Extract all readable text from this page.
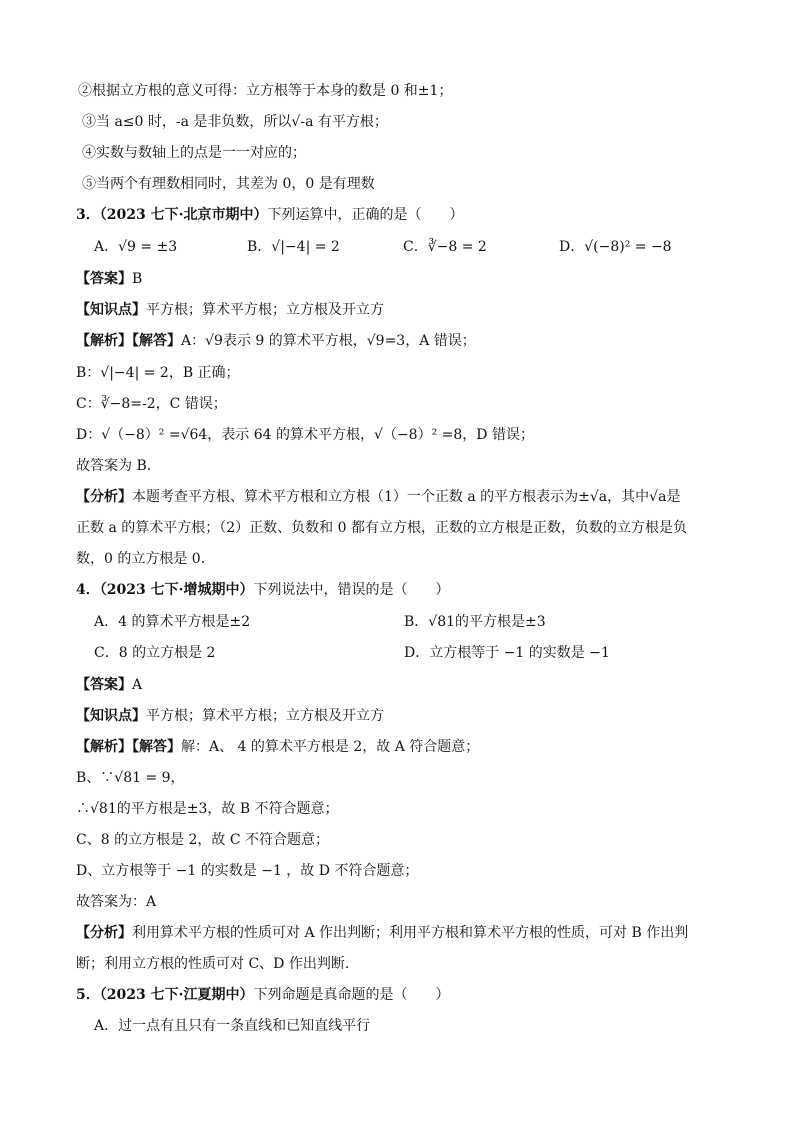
②根据立方根的意义可得：立方根等于本身的数是 0 和±1；
③当 a≤0 时，-a 是非负数，所以√-a 有平方根；
④实数与数轴上的点是一一对应的；
⑤当两个有理数相同时，其差为 0，0 是有理数
3．（2023 七下·北京市期中）下列运算中，正确的是（　　）
A．√9 = ±3	B．√|−4| = 2	C．∛−8 = 2	D．√(−8)² = −8
【答案】B
【知识点】平方根；算术平方根；立方根及开立方
【解析】【解答】A：√9表示 9 的算术平方根，√9=3，A 错误；
B：√|−4| = 2，B 正确；
C：∛−8=-2，C 错误；
D：√（−8）² =√64，表示 64 的算术平方根，√（−8）² =8，D 错误；
故答案为 B.
【分析】本题考查平方根、算术平方根和立方根（1）一个正数 a 的平方根表示为±√a，其中√a是
正数 a 的算术平方根；（2）正数、负数和 0 都有立方根，正数的立方根是正数，负数的立方根是负
数，0 的立方根是 0.
4．（2023 七下·增城期中）下列说法中，错误的是（　　）
A．4 的算术平方根是±2	B．√81的平方根是±3
C．8 的立方根是 2	D．立方根等于 −1 的实数是 −1
【答案】A
【知识点】平方根；算术平方根；立方根及开立方
【解析】【解答】解：A、 4 的算术平方根是 2，故 A 符合题意；
B、∵√81 = 9，
∴√81的平方根是±3，故 B 不符合题意；
C、8 的立方根是 2，故 C 不符合题意；
D、立方根等于 −1 的实数是 −1 ，故 D 不符合题意；
故答案为：A
【分析】利用算术平方根的性质可对 A 作出判断；利用平方根和算术平方根的性质，可对 B 作出判
断；利用立方根的性质可对 C、D 作出判断.
5．（2023 七下·江夏期中）下列命题是真命题的是（　　）
A．过一点有且只有一条直线和已知直线平行
